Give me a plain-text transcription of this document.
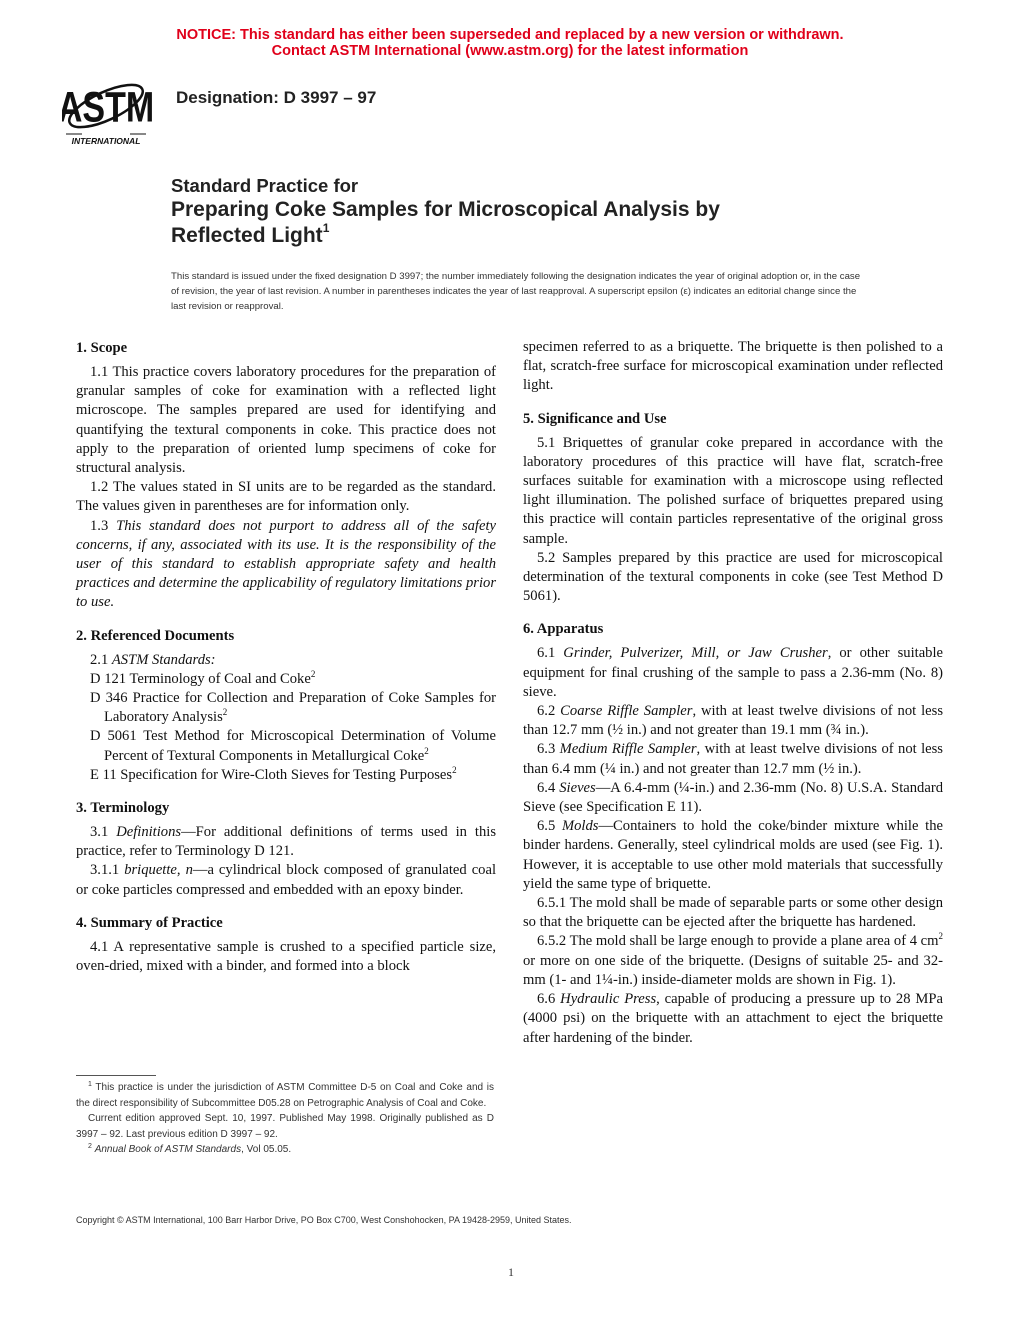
NOTICE: This standard has either been superseded and replaced by a new version or withdrawn.
Contact ASTM International (www.astm.org) for the latest information
ASTM
INTERNATIONAL
Designation: D 3997 – 97
Standard Practice for
Preparing Coke Samples for Microscopical Analysis by
Reflected Light$^1$
This standard is issued under the fixed designation D 3997; the number immediately following the designation indicates the year of original adoption or, in the case of revision, the year of last revision. A number in parentheses indicates the year of last reapproval. A superscript epsilon (ε) indicates an editorial change since the last revision or reapproval.
1. Scope

1.1 This practice covers laboratory procedures for the preparation of granular samples of coke for examination with a reflected light microscope. The samples prepared are used for identifying and quantifying the textural components in coke. This practice does not apply to the preparation of oriented lump specimens of coke for structural analysis.

1.2 The values stated in SI units are to be regarded as the standard. The values given in parentheses are for information only.

1.3 This standard does not purport to address all of the safety concerns, if any, associated with its use. It is the responsibility of the user of this standard to establish appropriate safety and health practices and determine the applicability of regulatory limitations prior to use.

2. Referenced Documents

2.1 ASTM Standards:

D 121 Terminology of Coal and Coke$^2$

D 346 Practice for Collection and Preparation of Coke Samples for Laboratory Analysis$^2$

D 5061 Test Method for Microscopical Determination of Volume Percent of Textural Components in Metallurgical Coke$^2$

E 11 Specification for Wire-Cloth Sieves for Testing Purposes$^2$

3. Terminology

3.1 Definitions—For additional definitions of terms used in this practice, refer to Terminology D 121.

3.1.1 briquette, n—a cylindrical block composed of granulated coal or coke particles compressed and embedded with an epoxy binder.

4. Summary of Practice

4.1 A representative sample is crushed to a specified particle size, oven-dried, mixed with a binder, and formed into a block

specimen referred to as a briquette. The briquette is then polished to a flat, scratch-free surface for microscopical examination under reflected light.

5. Significance and Use

5.1 Briquettes of granular coke prepared in accordance with the laboratory procedures of this practice will have flat, scratch-free surfaces suitable for examination with a microscope using reflected light illumination. The polished surface of briquettes prepared using this practice will contain particles representative of the original gross sample.

5.2 Samples prepared by this practice are used for microscopical determination of the textural components in coke (see Test Method D 5061).

6. Apparatus

6.1 Grinder, Pulverizer, Mill, or Jaw Crusher, or other suitable equipment for final crushing of the sample to pass a 2.36-mm (No. 8) sieve.

6.2 Coarse Riffle Sampler, with at least twelve divisions of not less than 12.7 mm (½ in.) and not greater than 19.1 mm (¾ in.).

6.3 Medium Riffle Sampler, with at least twelve divisions of not less than 6.4 mm (¼ in.) and not greater than 12.7 mm (½ in.).

6.4 Sieves—A 6.4-mm (¼-in.) and 2.36-mm (No. 8) U.S.A. Standard Sieve (see Specification E 11).

6.5 Molds—Containers to hold the coke/binder mixture while the binder hardens. Generally, steel cylindrical molds are used (see Fig. 1). However, it is acceptable to use other mold materials that successfully yield the same type of briquette.

6.5.1 The mold shall be made of separable parts or some other design so that the briquette can be ejected after the briquette has hardened.

6.5.2 The mold shall be large enough to provide a plane area of 4 $cm^2$ or more on one side of the briquette. (Designs of suitable 25- and 32-mm (1- and 1¼-in.) inside-diameter molds are shown in Fig. 1).

6.6 Hydraulic Press, capable of producing a pressure up to 28 MPa (4000 psi) on the briquette with an attachment to eject the briquette after hardening of the binder.

$^1$ This practice is under the jurisdiction of ASTM Committee D-5 on Coal and Coke and is the direct responsibility of Subcommittee D05.28 on Petrographic Analysis of Coal and Coke.

Current edition approved Sept. 10, 1997. Published May 1998. Originally published as D 3997 – 92. Last previous edition D 3997 – 92.

$^2$ Annual Book of ASTM Standards, Vol 05.05.

Copyright © ASTM International, 100 Barr Harbor Drive, PO Box C700, West Conshohocken, PA 19428-2959, United States.
1
